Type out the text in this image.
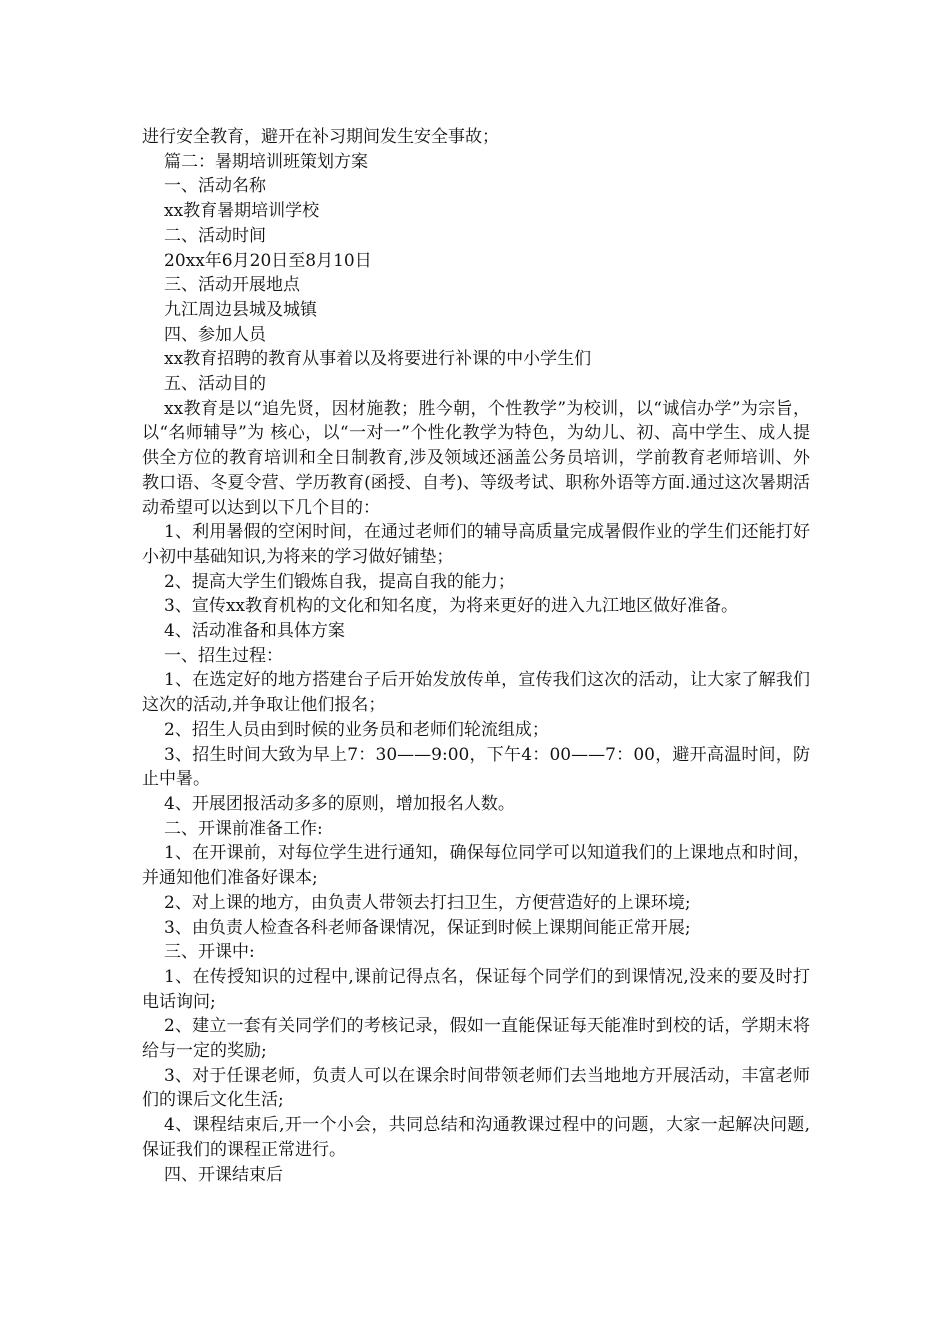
进行安全教育，避开在补习期间发生安全事故；

篇二：暑期培训班策划方案

一、活动名称

xx教育暑期培训学校

二、活动时间

20xx年6月20日至8月10日

三、活动开展地点

九江周边县城及城镇

四、参加人员

xx教育招聘的教育从事着以及将要进行补课的中小学生们

五、活动目的

xx教育是以“追先贤，因材施教；胜今朝，个性教学”为校训，以“诚信办学”为宗旨，以“名师辅导”为 核心，以“一对一”个性化教学为特色，为幼儿、初、高中学生、成人提供全方位的教育培训和全日制教育,涉及领域还涵盖公务员培训，学前教育老师培训、外教口语、冬夏令营、学历教育(函授、自考)、等级考试、职称外语等方面.通过这次暑期活动希望可以达到以下几个目的：

1、利用暑假的空闲时间，在通过老师们的辅导高质量完成暑假作业的学生们还能打好小初中基础知识,为将来的学习做好铺垫；

2、提高大学生们锻炼自我，提高自我的能力；

3、宣传xx教育机构的文化和知名度，为将来更好的进入九江地区做好准备。

4、活动准备和具体方案

一、招生过程：

1、在选定好的地方搭建台子后开始发放传单，宣传我们这次的活动，让大家了解我们这次的活动,并争取让他们报名；

2、招生人员由到时候的业务员和老师们轮流组成；

3、招生时间大致为早上7：30——9:00，下午4：00——7：00，避开高温时间，防止中暑。

4、开展团报活动多多的原则，增加报名人数。

二、开课前准备工作:

1、在开课前，对每位学生进行通知，确保每位同学可以知道我们的上课地点和时间，并通知他们准备好课本;

2、对上课的地方，由负责人带领去打扫卫生，方便营造好的上课环境;

3、由负责人检查各科老师备课情况，保证到时候上课期间能正常开展;

三、开课中:

1、在传授知识的过程中,课前记得点名，保证每个同学们的到课情况,没来的要及时打电话询问;

2、建立一套有关同学们的考核记录，假如一直能保证每天能准时到校的话，学期末将给与一定的奖励;

3、对于任课老师，负责人可以在课余时间带领老师们去当地地方开展活动，丰富老师们的课后文化生活;

4、课程结束后,开一个小会，共同总结和沟通教课过程中的问题，大家一起解决问题,保证我们的课程正常进行。

四、开课结束后
